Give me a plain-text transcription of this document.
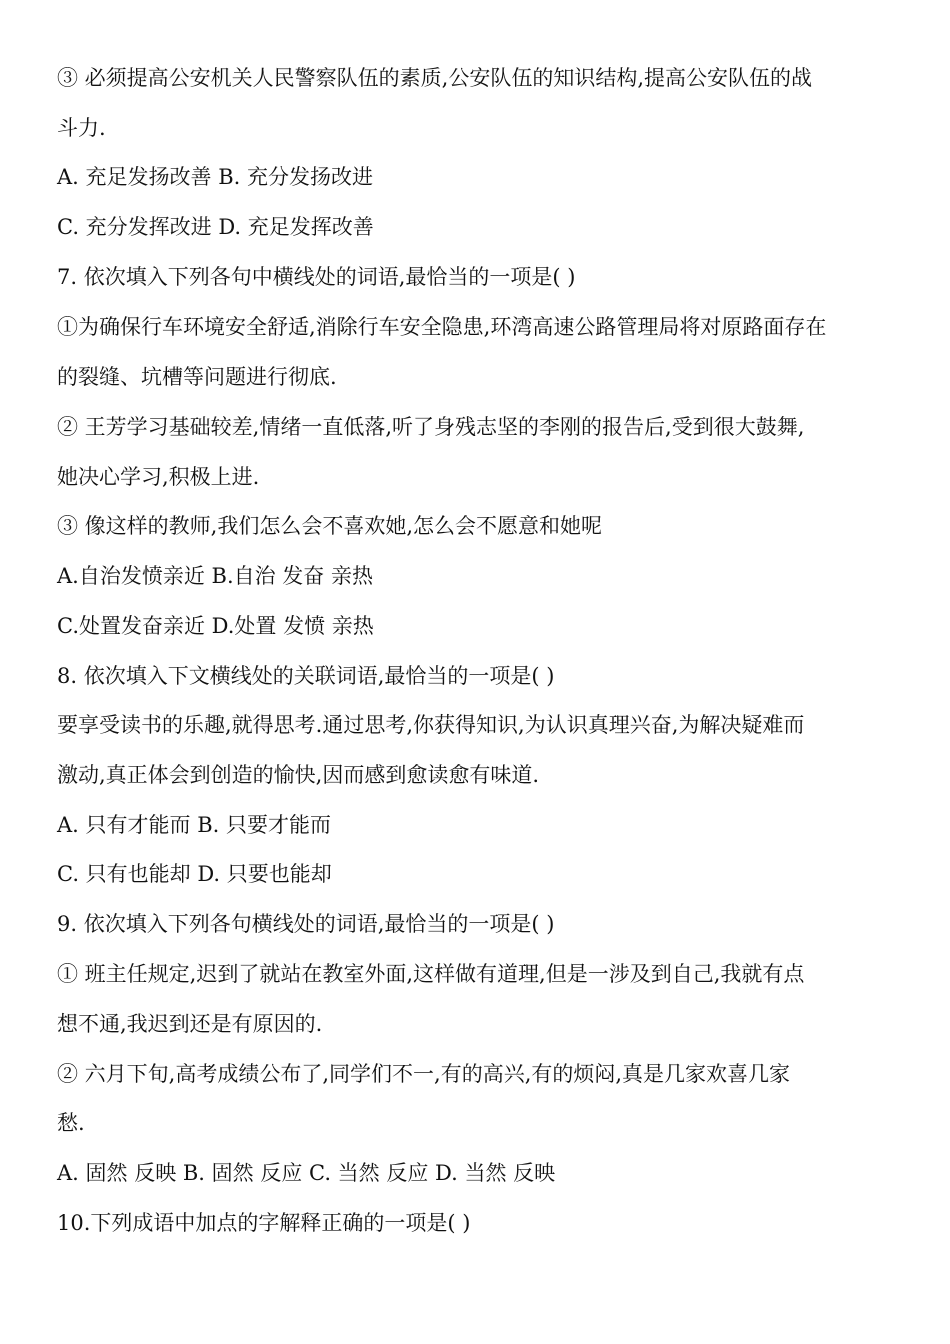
③ 必须提高公安机关人民警察队伍的素质,公安队伍的知识结构,提高公安队伍的战
斗力.
A. 充足发扬改善 B. 充分发扬改进
C. 充分发挥改进 D. 充足发挥改善
7. 依次填入下列各句中横线处的词语,最恰当的一项是( )
①为确保行车环境安全舒适,消除行车安全隐患,环湾高速公路管理局将对原路面存在
的裂缝、坑槽等问题进行彻底.
② 王芳学习基础较差,情绪一直低落,听了身残志坚的李刚的报告后,受到很大鼓舞,
她决心学习,积极上进.
③ 像这样的教师,我们怎么会不喜欢她,怎么会不愿意和她呢
A.自治发愤亲近 B.自治 发奋 亲热
C.处置发奋亲近 D.处置 发愤 亲热
8. 依次填入下文横线处的关联词语,最恰当的一项是( )
要享受读书的乐趣,就得思考.通过思考,你获得知识,为认识真理兴奋,为解决疑难而
激动,真正体会到创造的愉快,因而感到愈读愈有味道.
A. 只有才能而 B. 只要才能而
C. 只有也能却 D. 只要也能却
9. 依次填入下列各句横线处的词语,最恰当的一项是( )
① 班主任规定,迟到了就站在教室外面,这样做有道理,但是一涉及到自己,我就有点
想不通,我迟到还是有原因的.
② 六月下旬,高考成绩公布了,同学们不一,有的高兴,有的烦闷,真是几家欢喜几家
愁.
A. 固然 反映 B. 固然 反应 C. 当然 反应 D. 当然 反映
10.下列成语中加点的字解释正确的一项是( )
